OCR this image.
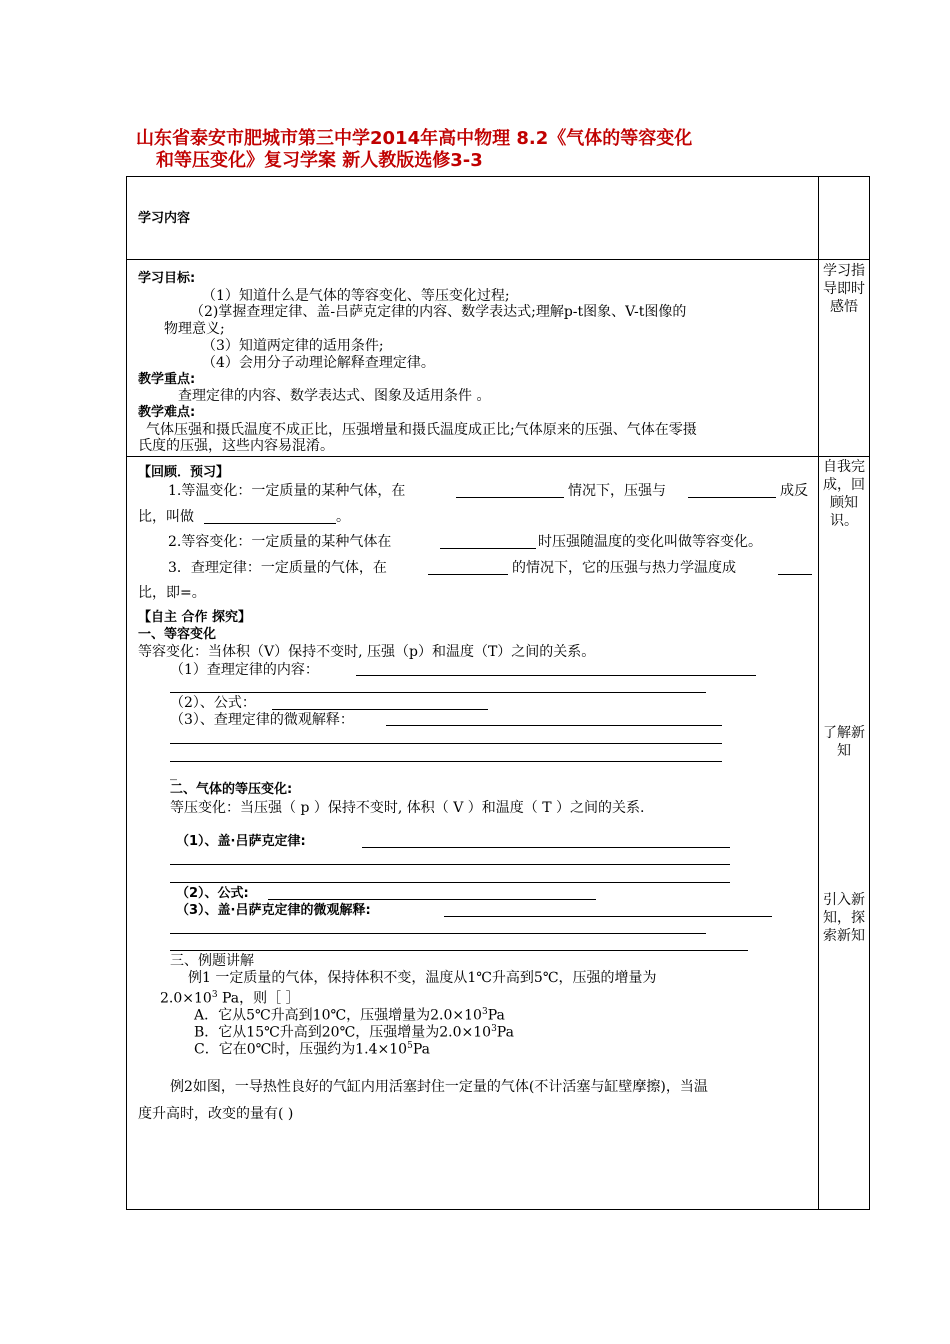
山东省泰安市肥城市第三中学2014年高中物理 8.2《气体的等容变化
和等压变化》复习学案 新人教版选修3-3
学习内容
学习目标:
（1）知道什么是气体的等容变化、等压变化过程;
（2)掌握查理定律、盖-吕萨克定律的内容、数学表达式;理解p-t图象、V-t图像的
物理意义;
（3）知道两定律的适用条件;
（4）会用分子动理论解释查理定律。
教学重点:
查理定律的内容、数学表达式、图象及适用条件 。
教学难点:
气体压强和摄氏温度不成正比，压强增量和摄氏温度成正比;气体原来的压强、气体在零摄
氏度的压强，这些内容易混淆。
【回顾．预习】
1.等温变化：一定质量的某种气体，在	情况下，压强与	成反
比，叫做	。
2.等容变化：一定质量的某种气体在	时压强随温度的变化叫做等容变化。
3．查理定律：一定质量的气体，在	的情况下，它的压强与热力学温度成
比，即=。
【自主 合作 探究】
一、等容变化
等容变化：当体积（V）保持不变时, 压强（p）和温度（T）之间的关系。
（1）查理定律的内容：
（2）、公式：
（3）、查理定律的微观解释：
_
二、气体的等压变化:
等压变化：当压强（ p ）保持不变时, 体积（ V ）和温度（ T ）之间的关系.
（1）、盖·吕萨克定律:
（2）、公式:
（3）、盖·吕萨克定律的微观解释:
三、例题讲解
例1 一定质量的气体，保持体积不变，温度从1℃升高到5℃，压强的增量为
$2.0\times 10^3$ Pa，则［ ］
A．它从5℃升高到10℃，压强增量为$2.0\times 10^3Pa$
B．它从15℃升高到20℃，压强增量为$2.0\times 10^3Pa$
C．它在0℃时，压强约为$1.4\times 10^5Pa$
例2如图，一导热性良好的气缸内用活塞封住一定量的气体(不计活塞与缸壁摩擦)，当温
度升高时，改变的量有( )
学习指导即时感悟
自我完成，回顾知识。
了解新知
引入新知，探索新知
